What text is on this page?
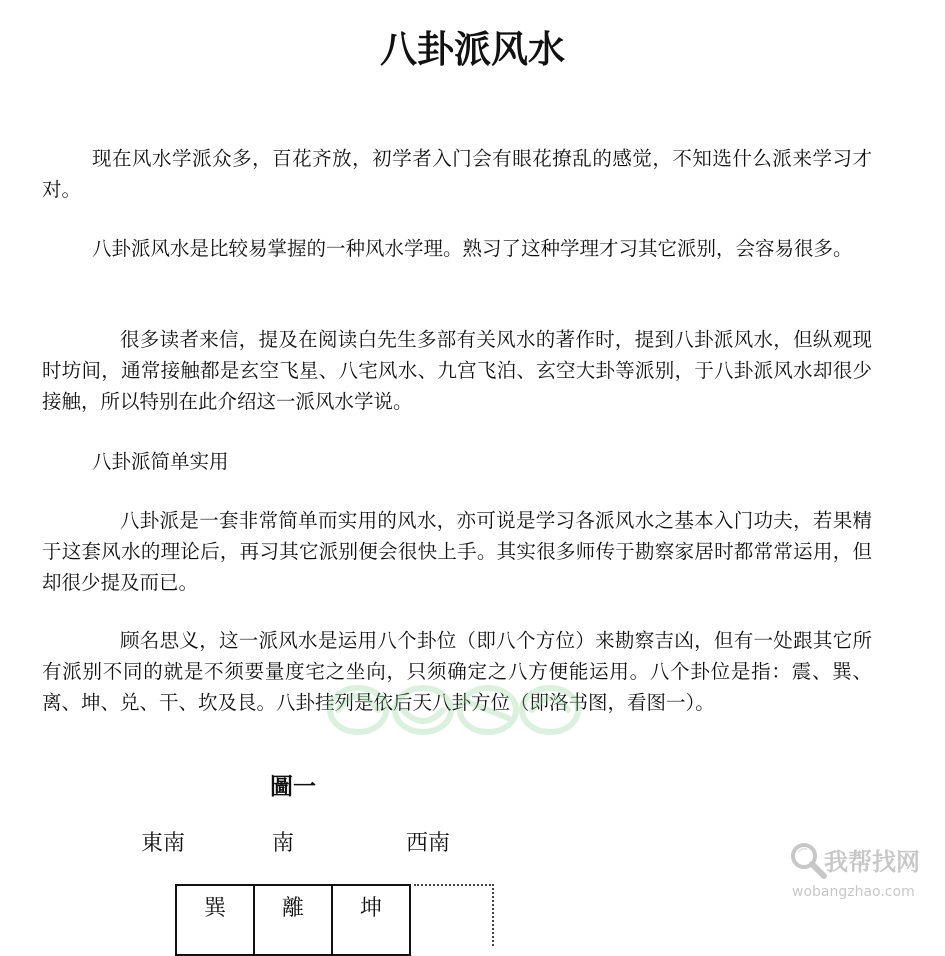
八卦派风水

现在风水学派众多，百花齐放，初学者入门会有眼花撩乱的感觉，不知选什么派来学习才对。

八卦派风水是比较易掌握的一种风水学理。熟习了这种学理才习其它派别，会容易很多。

很多读者来信，提及在阅读白先生多部有关风水的著作时，提到八卦派风水，但纵观现时坊间，通常接触都是玄空飞星、八宅风水、九宫飞泊、玄空大卦等派别，于八卦派风水却很少接触，所以特别在此介绍这一派风水学说。

八卦派简单实用

八卦派是一套非常简单而实用的风水，亦可说是学习各派风水之基本入门功夫，若果精于这套风水的理论后，再习其它派别便会很快上手。其实很多师传于勘察家居时都常常运用，但却很少提及而已。

顾名思义，这一派风水是运用八个卦位（即八个方位）来勘察吉凶，但有一处跟其它所有派别不同的就是不须要量度宅之坐向，只须确定之八方便能运用。八个卦位是指：震、巽、离、坤、兑、干、坎及艮。八卦挂列是依后天八卦方位（即洛书图，看图一）。

圖一
東南	南	西南
巽	離	坤
我帮找网
wobangzhao.com
